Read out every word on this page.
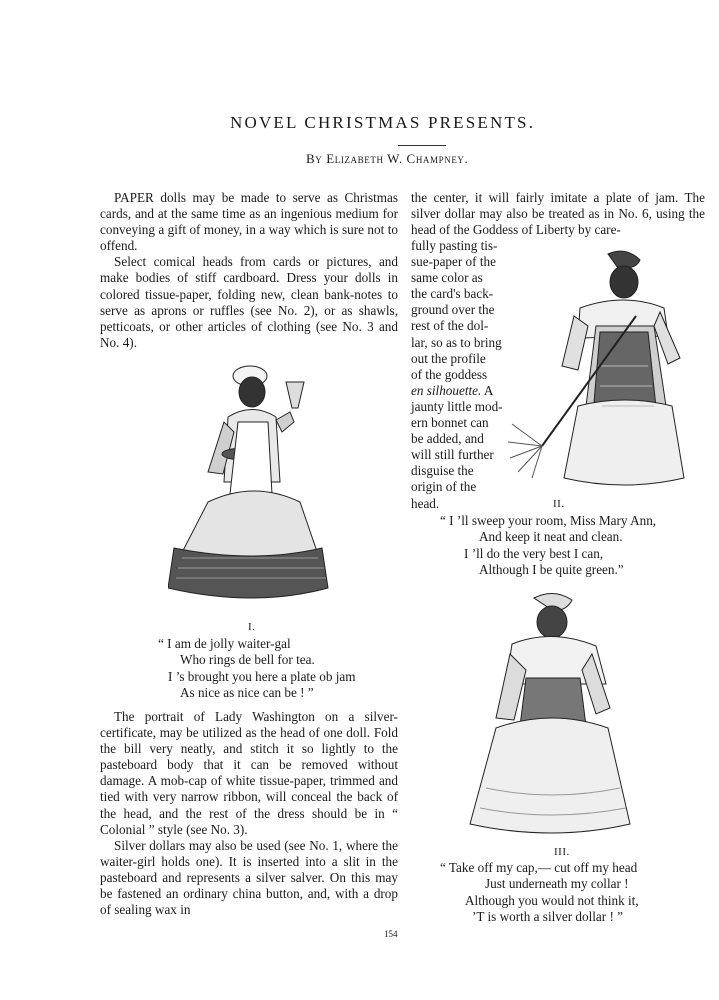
NOVEL CHRISTMAS PRESENTS.
By Elizabeth W. Champney.

PAPER dolls may be made to serve as Christmas cards, and at the same time as an ingenious medium for conveying a gift of money, in a way which is sure not to offend.

Select comical heads from cards or pictures, and make bodies of stiff cardboard. Dress your dolls in colored tissue-paper, folding new, clean bank-notes to serve as aprons or ruffles (see No. 2), or as shawls, petticoats, or other articles of clothing (see No. 3 and No. 4).

I.
“ I am de jolly waiter-gal
Who rings de bell for tea.
I ’s brought you here a plate ob jam
As nice as nice can be ! ”

The portrait of Lady Washington on a silver-certificate, may be utilized as the head of one doll. Fold the bill very neatly, and stitch it so lightly to the pasteboard body that it can be removed without damage. A mob-cap of white tissue-paper, trimmed and tied with very narrow ribbon, will conceal the back of the head, and the rest of the dress should be in “ Colonial ” style (see No. 3).

Silver dollars may also be used (see No. 1, where the waiter-girl holds one). It is inserted into a slit in the pasteboard and represents a silver salver. On this may be fastened an ordinary china button, and, with a drop of sealing wax in

the center, it will fairly imitate a plate of jam. The silver dollar may also be treated as in No. 6, using the head of the Goddess of Liberty by care-

fully pasting tis-
sue-paper of the
same color as
the card's back-
ground over the
rest of the dol-
lar, so as to bring
out the profile
of the goddess
en silhouette. A
jaunty little mod-
ern bonnet can
be added, and
will still further
disguise the
origin of the
head.	II.
“ I ’ll sweep your room, Miss Mary Ann,
And keep it neat and clean.
I ’ll do the very best I can,
Although I be quite green.”
III.
“ Take off my cap,— cut off my head
Just underneath my collar !
Although you would not think it,
’T is worth a silver dollar ! ”
154
